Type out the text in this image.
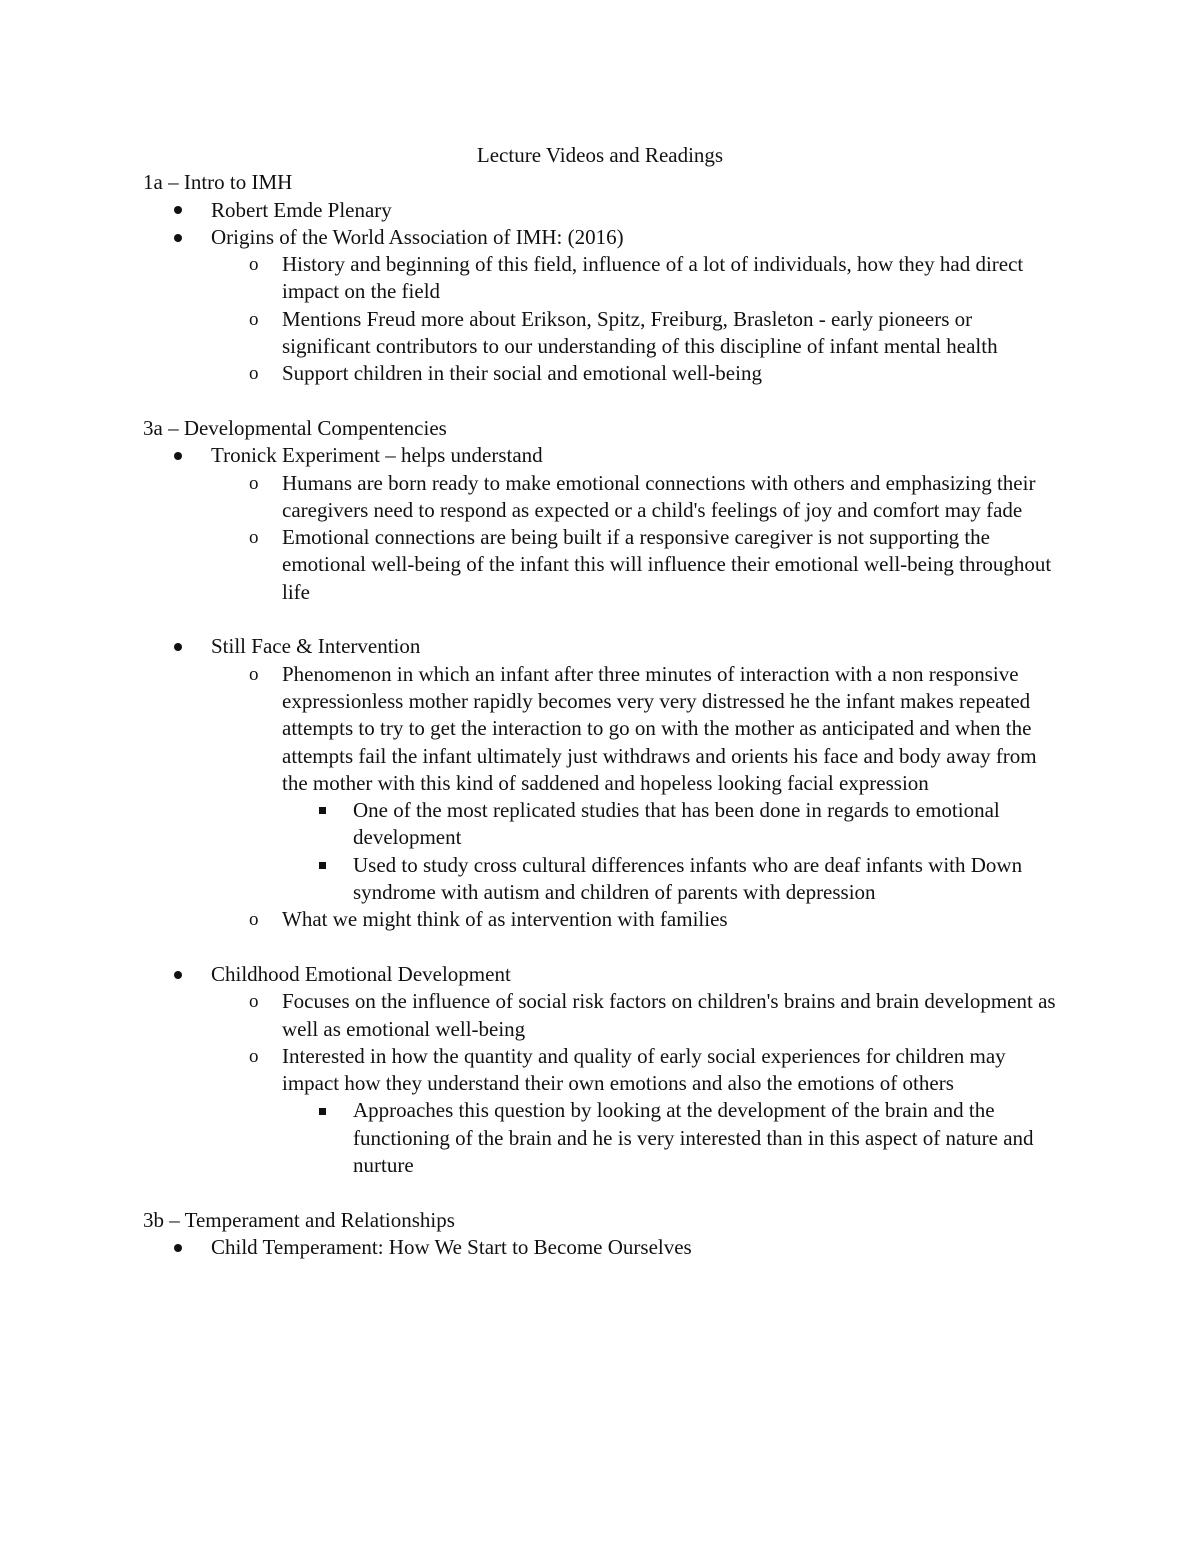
Lecture Videos and Readings

1a – Intro to IMH

Robert Emde Plenary
Origins of the World Association of IMH: (2016)
o History and beginning of this field, influence of a lot of individuals, how they had direct impact on the field
o Mentions Freud more about Erikson, Spitz, Freiburg, Brasleton - early pioneers or significant contributors to our understanding of this discipline of infant mental health
o Support children in their social and emotional well-being

3a – Developmental Compentencies

Tronick Experiment – helps understand
o Humans are born ready to make emotional connections with others and emphasizing their caregivers need to respond as expected or a child's feelings of joy and comfort may fade
o Emotional connections are being built if a responsive caregiver is not supporting the emotional well-being of the infant this will influence their emotional well-being throughout life
Still Face & Intervention
o Phenomenon in which an infant after three minutes of interaction with a non responsive expressionless mother rapidly becomes very very distressed he the infant makes repeated attempts to try to get the interaction to go on with the mother as anticipated and when the attempts fail the infant ultimately just withdraws and orients his face and body away from the mother with this kind of saddened and hopeless looking facial expression
One of the most replicated studies that has been done in regards to emotional development
Used to study cross cultural differences infants who are deaf infants with Down syndrome with autism and children of parents with depression
o What we might think of as intervention with families
Childhood Emotional Development
o Focuses on the influence of social risk factors on children's brains and brain development as well as emotional well-being
o Interested in how the quantity and quality of early social experiences for children may impact how they understand their own emotions and also the emotions of others
Approaches this question by looking at the development of the brain and the functioning of the brain and he is very interested than in this aspect of nature and nurture

3b – Temperament and Relationships

Child Temperament: How We Start to Become Ourselves
